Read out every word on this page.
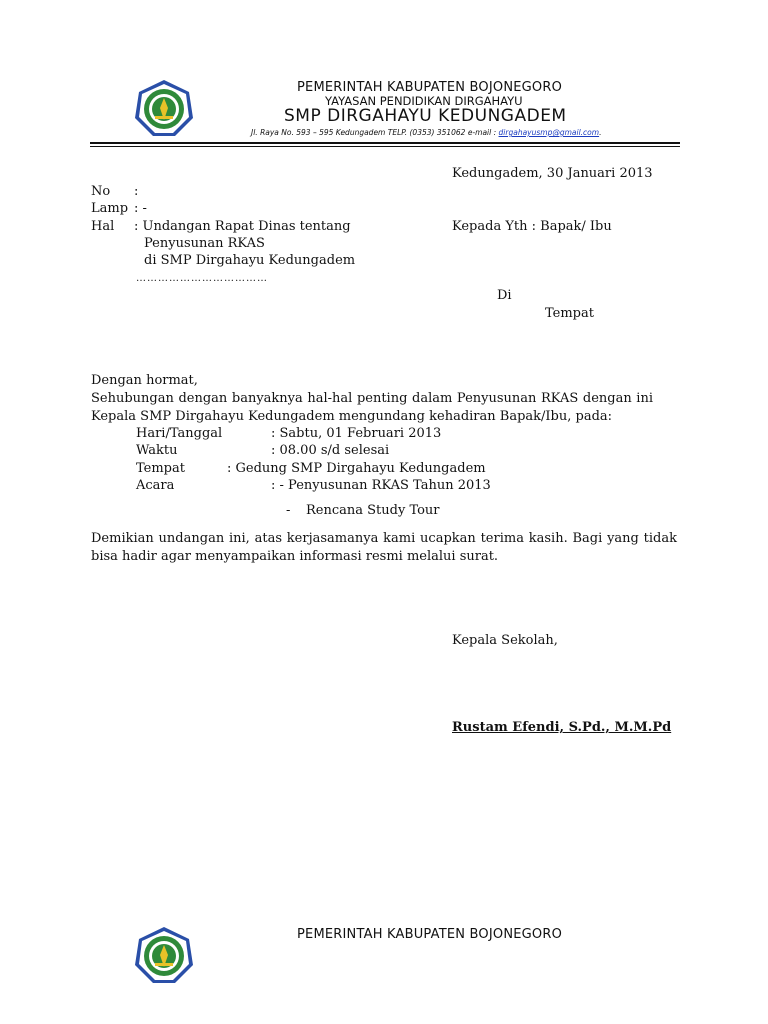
PEMERINTAH KABUPATEN BOJONEGORO
YAYASAN PENDIDIKAN DIRGAHAYU
SMP DIRGAHAYU KEDUNGADEM
Jl. Raya No. 593 – 595 Kedungadem TELP. (0353) 351062 e-mail : dirgahayusmp@gmail.com.
Kedungadem, 30 Januari 2013
No :
Lamp : -
Hal : Undangan Rapat Dinas tentang
Penyusunan RKAS
di SMP Dirgahayu Kedungadem
………………………………
Kepada Yth : Bapak/ Ibu
Di
Tempat
Dengan hormat,
Sehubungan dengan banyaknya hal-hal penting dalam Penyusunan RKAS dengan ini Kepala SMP Dirgahayu Kedungadem mengundang kehadiran Bapak/Ibu, pada:
Hari/Tanggal	: Sabtu, 01 Februari 2013
Waktu	: 08.00 s/d selesai
Tempat	: Gedung SMP Dirgahayu Kedungadem
Acara	: - Penyusunan RKAS Tahun 2013
- Rencana Study Tour
Demikian undangan ini, atas kerjasamanya kami ucapkan terima kasih. Bagi yang tidak bisa hadir agar menyampaikan informasi resmi melalui surat.
Kepala Sekolah,
Rustam Efendi, S.Pd., M.M.Pd
PEMERINTAH KABUPATEN BOJONEGORO
